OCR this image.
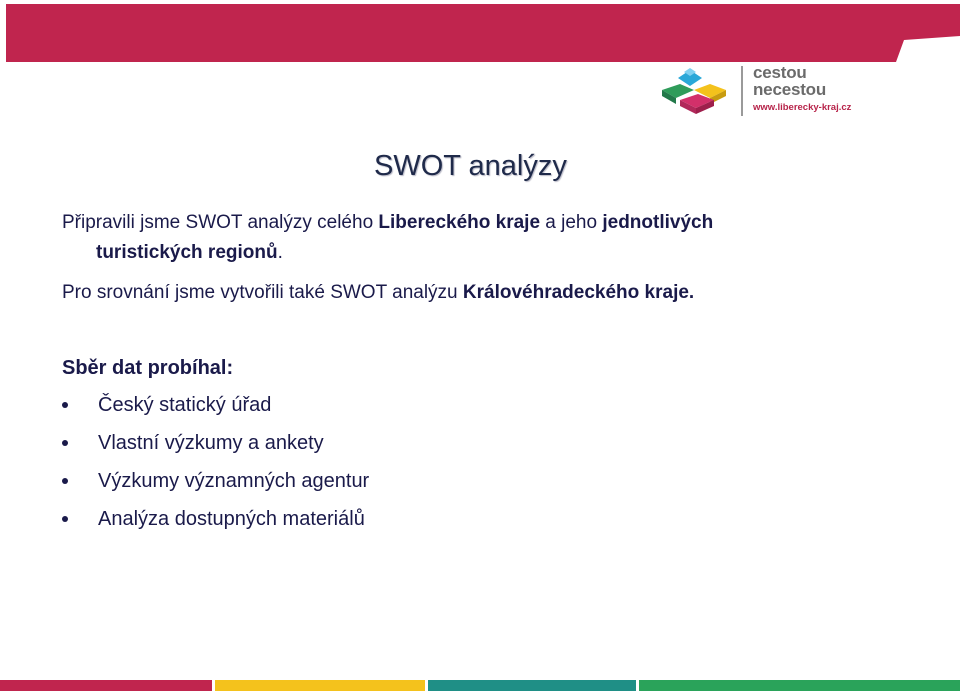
cestou
necestou
www.liberecky-kraj.cz
SWOT analýzy

Připravili jsme SWOT analýzy celého Libereckého kraje a jeho jednotlivých

turistických regionů.

Pro srovnání jsme vytvořili také SWOT analýzu Královéhradeckého kraje.

Sběr dat probíhal:

Český statický úřad
Vlastní výzkumy a ankety
Výzkumy významných agentur
Analýza dostupných materiálů
